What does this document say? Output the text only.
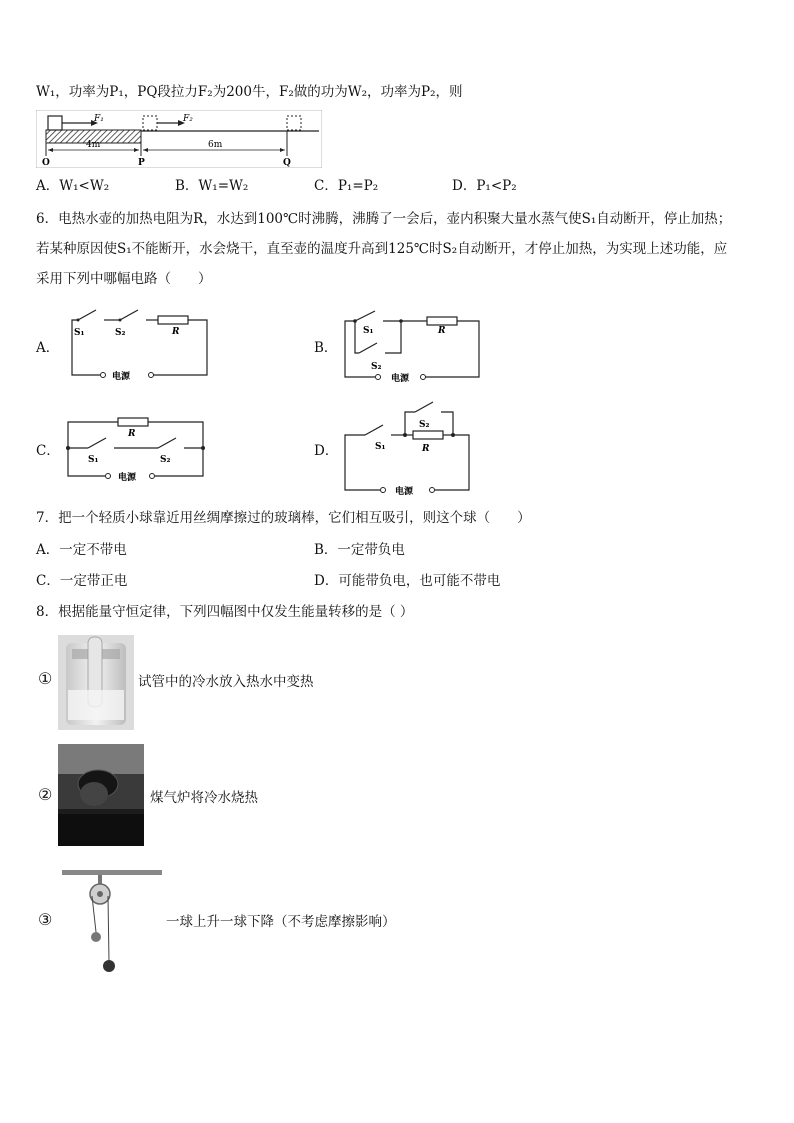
W₁，功率为P₁，PQ段拉力F₂为200牛，F₂做的功为W₂，功率为P₂，则
F₁	F₂
4m	6m
O	P	Q
A．W₁<W₂	B．W₁=W₂	C．P₁=P₂	D．P₁<P₂
6．电热水壶的加热电阻为R，水达到100℃时沸腾，沸腾了一会后，壶内积聚大量水蒸气使S₁自动断开，停止加热；
若某种原因使S₁不能断开，水会烧干，直至壶的温度升高到125℃时S₂自动断开，才停止加热，为实现上述功能，应
采用下列中哪幅电路（　　）
A．
S₁	S₂	R
电源
B．
S₁
S₂
R
电源
C．
R
S₁	S₂
电源
D．
S₂
S₁	R
电源
7．把一个轻质小球靠近用丝绸摩擦过的玻璃棒，它们相互吸引，则这个球（　　）
A．一定不带电	B．一定带负电
C．一定带正电	D．可能带负电，也可能不带电
8．根据能量守恒定律，下列四幅图中仅发生能量转移的是（ ）
①	试管中的冷水放入热水中变热
②	煤气炉将冷水烧热
③	一球上升一球下降（不考虑摩擦影响）
